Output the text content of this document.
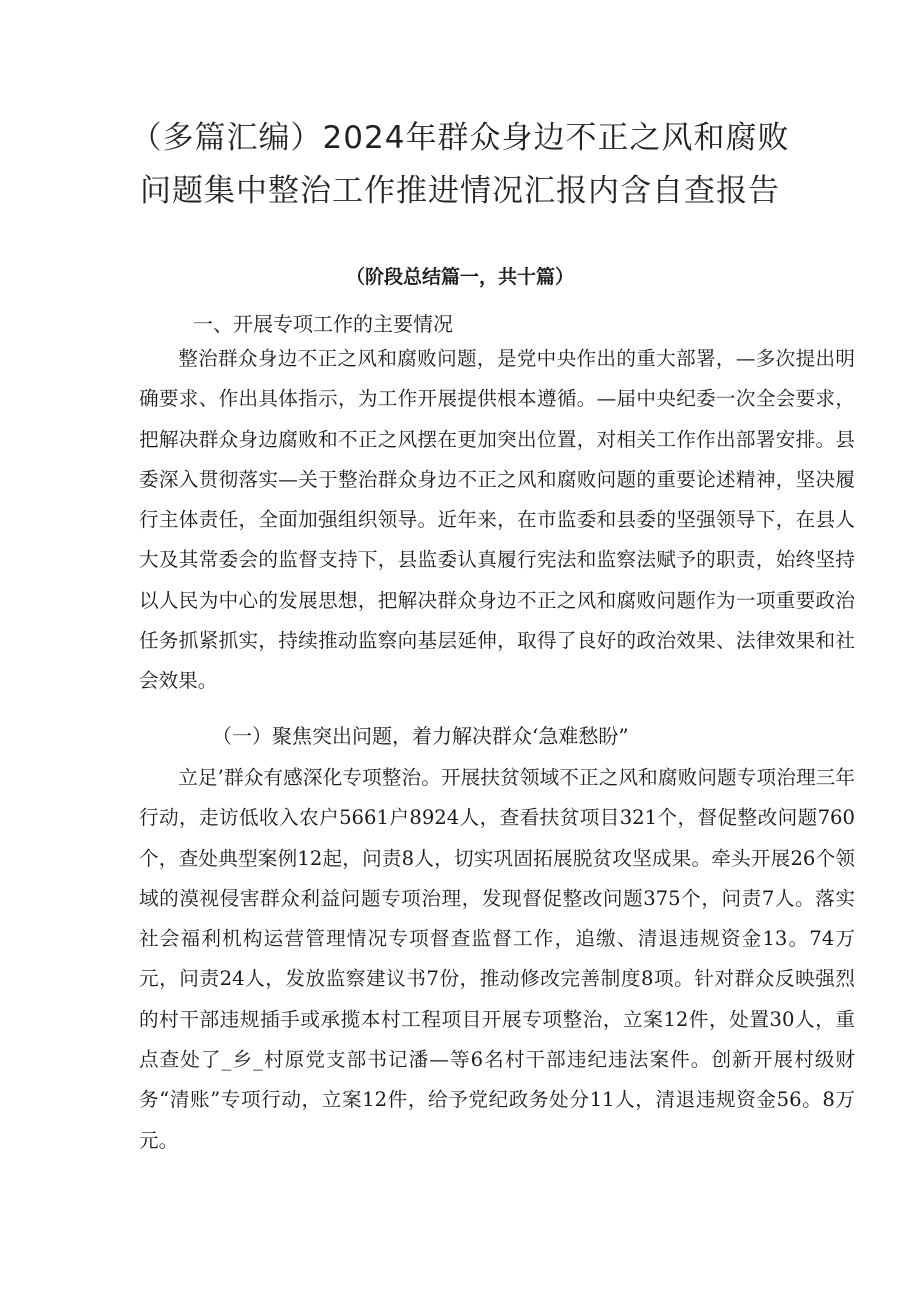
（多篇汇编）2024年群众身边不正之风和腐败
问题集中整治工作推进情况汇报内含自查报告
（阶段总结篇一，共十篇）
一、开展专项工作的主要情况

整治群众身边不正之风和腐败问题，是党中央作出的重大部署，—多次提出明确要求、作出具体指示，为工作开展提供根本遵循。—届中央纪委一次全会要求，把解决群众身边腐败和不正之风摆在更加突出位置，对相关工作作出部署安排。县委深入贯彻落实—关于整治群众身边不正之风和腐败问题的重要论述精神，坚决履行主体责任，全面加强组织领导。近年来，在市监委和县委的坚强领导下，在县人大及其常委会的监督支持下，县监委认真履行宪法和监察法赋予的职责，始终坚持以人民为中心的发展思想，把解决群众身边不正之风和腐败问题作为一项重要政治任务抓紧抓实，持续推动监察向基层延伸，取得了良好的政治效果、法律效果和社会效果。

（一）聚焦突出问题，着力解决群众‘急难愁盼”

立足’群众有感深化专项整治。开展扶贫领域不正之风和腐败问题专项治理三年行动，走访低收入农户5661户8924人，查看扶贫项目321个，督促整改问题760个，查处典型案例12起，问责8人，切实巩固拓展脱贫攻坚成果。牵头开展26个领域的漠视侵害群众利益问题专项治理，发现督促整改问题375个，问责7人。落实社会福利机构运营管理情况专项督查监督工作，追缴、清退违规资金13。74万元，问责24人，发放监察建议书7份，推动修改完善制度8项。针对群众反映强烈的村干部违规插手或承揽本村工程项目开展专项整治，立案12件，处置30人，重点查处了_乡_村原党支部书记潘—等6名村干部违纪违法案件。创新开展村级财务“清账”专项行动，立案12件，给予党纪政务处分11人，清退违规资金56。8万元。
